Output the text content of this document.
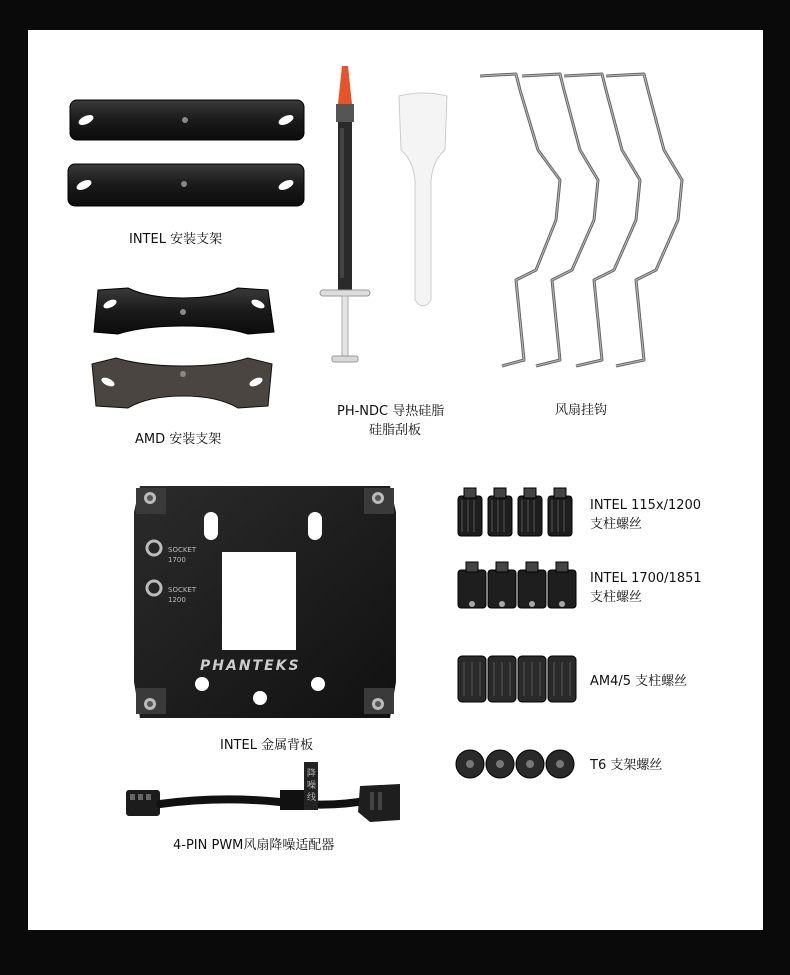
INTEL 安装支架
AMD 安装支架
PH-NDC 导热硅脂
硅脂刮板
风扇挂钩
SOCKET
1700
SOCKET
1200
PHANTEKS
INTEL 金属背板
降
噪
线
4-PIN PWM风扇降噪适配器
INTEL 115x/1200
支柱螺丝
INTEL 1700/1851
支柱螺丝
AM4/5 支柱螺丝
T6 支架螺丝
